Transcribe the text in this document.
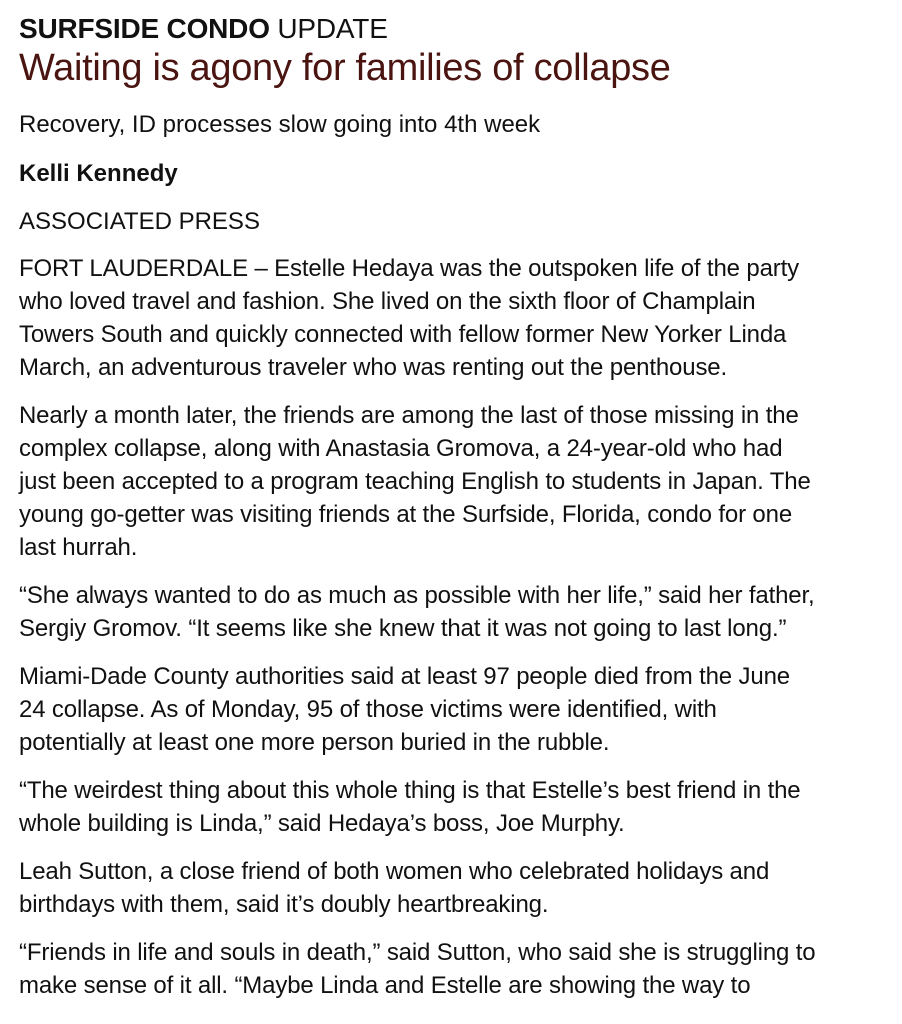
SURFSIDE CONDO UPDATE
Waiting is agony for families of collapse

Recovery, ID processes slow going into 4th week

Kelli Kennedy

ASSOCIATED PRESS

FORT LAUDERDALE – Estelle Hedaya was the outspoken life of the party
who loved travel and fashion. She lived on the sixth floor of Champlain
Towers South and quickly connected with fellow former New Yorker Linda
March, an adventurous traveler who was renting out the penthouse.

Nearly a month later, the friends are among the last of those missing in the
complex collapse, along with Anastasia Gromova, a 24-year-old who had
just been accepted to a program teaching English to students in Japan. The
young go-getter was visiting friends at the Surfside, Florida, condo for one
last hurrah.

“She always wanted to do as much as possible with her life,” said her father,
Sergiy Gromov. “It seems like she knew that it was not going to last long.”

Miami-Dade County authorities said at least 97 people died from the June
24 collapse. As of Monday, 95 of those victims were identified, with
potentially at least one more person buried in the rubble.

“The weirdest thing about this whole thing is that Estelle’s best friend in the
whole building is Linda,” said Hedaya’s boss, Joe Murphy.

Leah Sutton, a close friend of both women who celebrated holidays and
birthdays with them, said it’s doubly heartbreaking.

“Friends in life and souls in death,” said Sutton, who said she is struggling to
make sense of it all. “Maybe Linda and Estelle are showing the way to
